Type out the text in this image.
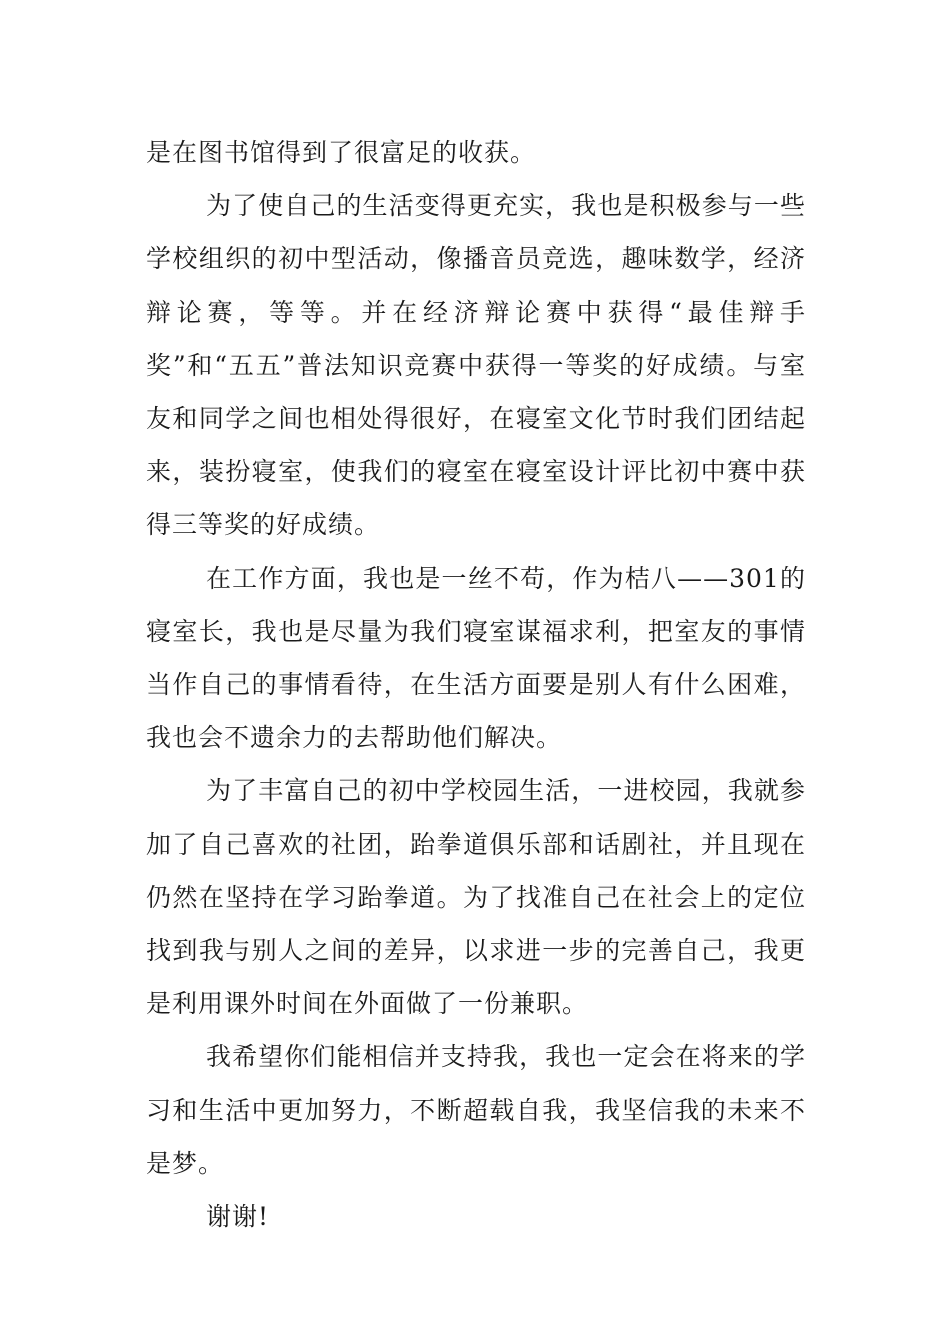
是在图书馆得到了很富足的收获。

为了使自己的生活变得更充实，我也是积极参与一些学校组织的初中型活动，像播音员竞选，趣味数学，经济辩论赛，等等。并在经济辩论赛中获得“最佳辩手奖”和“五五”普法知识竞赛中获得一等奖的好成绩。与室友和同学之间也相处得很好，在寝室文化节时我们团结起来，装扮寝室，使我们的寝室在寝室设计评比初中赛中获得三等奖的好成绩。

在工作方面，我也是一丝不苟，作为桔八——301的寝室长，我也是尽量为我们寝室谋福求利，把室友的事情当作自己的事情看待，在生活方面要是别人有什么困难，我也会不遗余力的去帮助他们解决。

为了丰富自己的初中学校园生活，一进校园，我就参加了自己喜欢的社团，跆拳道俱乐部和话剧社，并且现在仍然在坚持在学习跆拳道。为了找准自己在社会上的定位找到我与别人之间的差异，以求进一步的完善自己，我更是利用课外时间在外面做了一份兼职。

我希望你们能相信并支持我，我也一定会在将来的学习和生活中更加努力，不断超载自我，我坚信我的未来不是梦。

谢谢!
